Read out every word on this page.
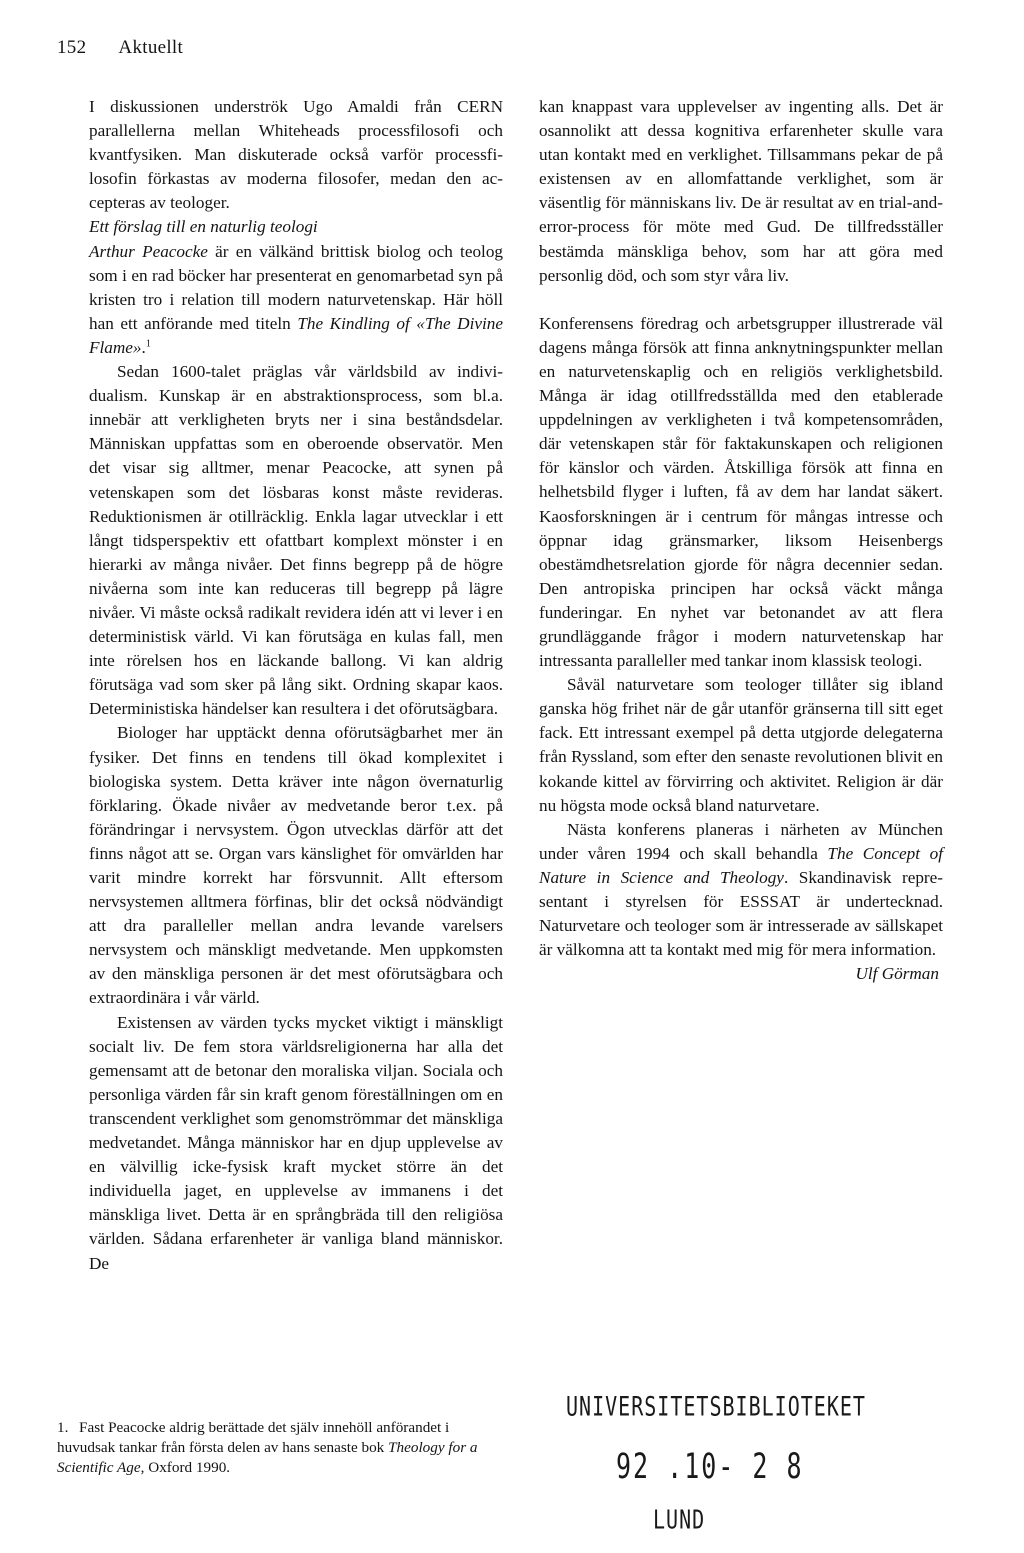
152 Aktuellt

I diskussionen underströk Ugo Amaldi från CERN parallellerna mellan Whiteheads processfilosofi och kvantfysiken. Man diskuterade också varför processfilosofin förkastas av moderna filosofer, medan den accepteras av teologer.

Ett förslag till en naturlig teologi

Arthur Peacocke är en välkänd brittisk biolog och teolog som i en rad böcker har presenterat en genomarbetad syn på kristen tro i relation till modern naturvetenskap. Här höll han ett anförande med titeln The Kindling of «The Divine Flame».$^1$

Sedan 1600-talet präglas vår världsbild av individualism. Kunskap är en abstraktionsprocess, som bl.a. innebär att verkligheten bryts ner i sina beståndsdelar. Människan uppfattas som en oberoende observatör. Men det visar sig alltmer, menar Peacocke, att synen på vetenskapen som det lösbaras konst måste revideras. Reduktionismen är otillräcklig. Enkla lagar utvecklar i ett långt tidsperspektiv ett ofattbart komplext mönster i en hierarki av många nivåer. Det finns begrepp på de högre nivåerna som inte kan reduceras till begrepp på lägre nivåer. Vi måste också radikalt revidera idén att vi lever i en deterministisk värld. Vi kan förutsäga en kulas fall, men inte rörelsen hos en läckande ballong. Vi kan aldrig förutsäga vad som sker på lång sikt. Ordning skapar kaos. Deterministiska händelser kan resultera i det oförutsägbara.

Biologer har upptäckt denna oförutsägbarhet mer än fysiker. Det finns en tendens till ökad komplexitet i biologiska system. Detta kräver inte någon övernaturlig förklaring. Ökade nivåer av medvetande beror t.ex. på förändringar i nervsystem. Ögon utvecklas därför att det finns något att se. Organ vars känslighet för omvärlden har varit mindre korrekt har försvunnit. Allt eftersom nervsystemen alltmera förfinas, blir det också nödvändigt att dra paralleller mellan andra levande varelsers nervsystem och mänskligt medvetande. Men uppkomsten av den mänskliga personen är det mest oförutsägbara och extraordinära i vår värld.

Existensen av värden tycks mycket viktigt i mänskligt socialt liv. De fem stora världsreligionerna har alla det gemensamt att de betonar den moraliska viljan. Sociala och personliga värden får sin kraft genom föreställningen om en transcendent verklighet som genomströmmar det mänskliga medvetandet. Många människor har en djup upplevelse av en välvillig icke-fysisk kraft mycket större än det individuella jaget, en upplevelse av immanens i det mänskliga livet. Detta är en språngbräda till den religiösa världen. Sådana erfarenheter är vanliga bland människor. De

kan knappast vara upplevelser av ingenting alls. Det är osannolikt att dessa kognitiva erfarenheter skulle vara utan kontakt med en verklighet. Tillsammans pekar de på existensen av en allomfattande verklighet, som är väsentlig för människans liv. De är resultat av en trial-and-error-process för möte med Gud. De tillfredsställer bestämda mänskliga behov, som har att göra med personlig död, och som styr våra liv.

Konferensens föredrag och arbetsgrupper illustrerade väl dagens många försök att finna anknytningspunkter mellan en naturvetenskaplig och en religiös verklighetsbild. Många är idag otillfredsställda med den etablerade uppdelningen av verkligheten i två kompetensområden, där vetenskapen står för faktakunskapen och religionen för känslor och värden. Åtskilliga försök att finna en helhetsbild flyger i luften, få av dem har landat säkert. Kaosforskningen är i centrum för mångas intresse och öppnar idag gränsmarker, liksom Heisenbergs obestämdhetsrelation gjorde för några decennier sedan. Den antropiska principen har också väckt många funderingar. En nyhet var betonandet av att flera grundläggande frågor i modern naturvetenskap har intressanta paralleller med tankar inom klassisk teologi.

Såväl naturvetare som teologer tillåter sig ibland ganska hög frihet när de går utanför gränserna till sitt eget fack. Ett intressant exempel på detta utgjorde delegaterna från Ryssland, som efter den senaste revolutionen blivit en kokande kittel av förvirring och aktivitet. Religion är där nu högsta mode också bland naturvetare.

Nästa konferens planeras i närheten av München under våren 1994 och skall behandla The Concept of Nature in Science and Theology. Skandinavisk representant i styrelsen för ESSSAT är undertecknad. Naturvetare och teologer som är intresserade av sällskapet är välkomna att ta kontakt med mig för mera information.

Ulf Görman

1. Fast Peacocke aldrig berättade det själv innehöll anförandet i huvudsak tankar från första delen av hans senaste bok Theology for a Scientific Age, Oxford 1990.
UNIVERSITETSBIBLIOTEKET
92 .10- 2 8
LUND
